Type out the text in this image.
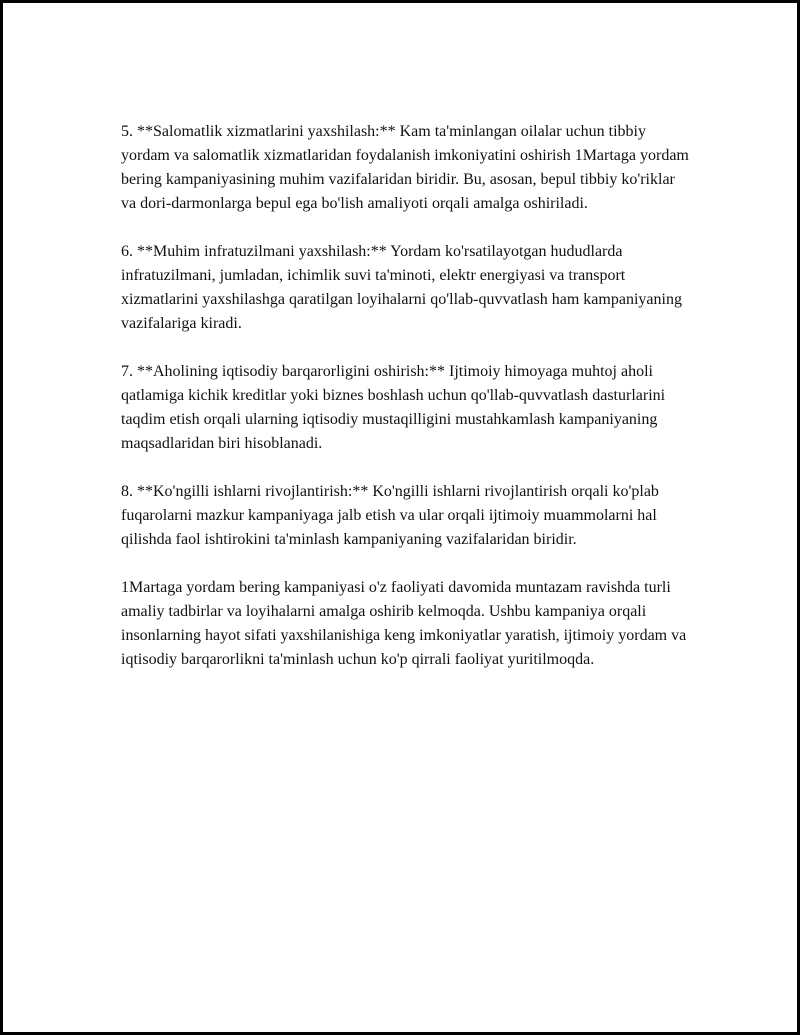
5. **Salomatlik xizmatlarini yaxshilash:** Kam ta'minlangan oilalar uchun tibbiy yordam va salomatlik xizmatlaridan foydalanish imkoniyatini oshirish 1Martaga yordam bering kampaniyasining muhim vazifalaridan biridir. Bu, asosan, bepul tibbiy ko'riklar va dori-darmonlarga bepul ega bo'lish amaliyoti orqali amalga oshiriladi.

6. **Muhim infratuzilmani yaxshilash:** Yordam ko'rsatilayotgan hududlarda infratuzilmani, jumladan, ichimlik suvi ta'minoti, elektr energiyasi va transport xizmatlarini yaxshilashga qaratilgan loyihalarni qo'llab-quvvatlash ham kampaniyaning vazifalariga kiradi.

7. **Aholining iqtisodiy barqarorligini oshirish:** Ijtimoiy himoyaga muhtoj aholi qatlamiga kichik kreditlar yoki biznes boshlash uchun qo'llab-quvvatlash dasturlarini taqdim etish orqali ularning iqtisodiy mustaqilligini mustahkamlash kampaniyaning maqsadlaridan biri hisoblanadi.

8. **Ko'ngilli ishlarni rivojlantirish:** Ko'ngilli ishlarni rivojlantirish orqali ko'plab fuqarolarni mazkur kampaniyaga jalb etish va ular orqali ijtimoiy muammolarni hal qilishda faol ishtirokini ta'minlash kampaniyaning vazifalaridan biridir.

1Martaga yordam bering kampaniyasi o'z faoliyati davomida muntazam ravishda turli amaliy tadbirlar va loyihalarni amalga oshirib kelmoqda. Ushbu kampaniya orqali insonlarning hayot sifati yaxshilanishiga keng imkoniyatlar yaratish, ijtimoiy yordam va iqtisodiy barqarorlikni ta'minlash uchun ko'p qirrali faoliyat yuritilmoqda.
